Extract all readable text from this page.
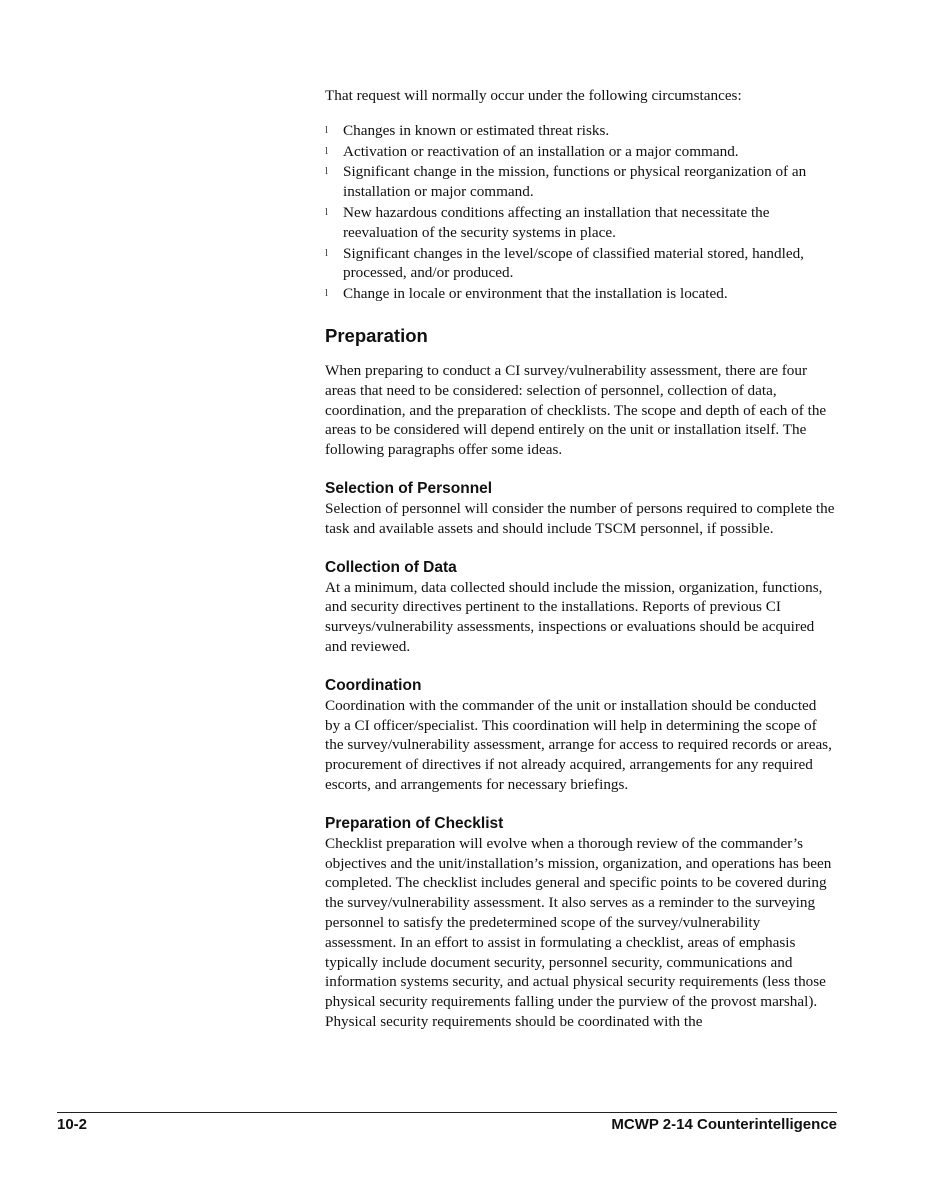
That request will normally occur under the following circumstances:

l Changes in known or estimated threat risks.
l Activation or reactivation of an installation or a major command.
l Significant change in the mission, functions or physical reorganization of an installation or major command.
l New hazardous conditions affecting an installation that necessitate the reevaluation of the security systems in place.
l Significant changes in the level/scope of classified material stored, handled, processed, and/or produced.
l Change in locale or environment that the installation is located.
Preparation

When preparing to conduct a CI survey/vulnerability assessment, there are four areas that need to be considered: selection of personnel, collection of data, coordination, and the preparation of checklists. The scope and depth of each of the areas to be considered will depend entirely on the unit or installation itself. The following paragraphs offer some ideas.

Selection of Personnel

Selection of personnel will consider the number of persons required to complete the task and available assets and should include TSCM personnel, if possible.

Collection of Data

At a minimum, data collected should include the mission, organization, functions, and security directives pertinent to the installations. Reports of previous CI surveys/vulnerability assessments, inspections or evaluations should be acquired and reviewed.

Coordination

Coordination with the commander of the unit or installation should be conducted by a CI officer/specialist. This coordination will help in determining the scope of the survey/vulnerability assessment, arrange for access to required records or areas, procurement of directives if not already acquired, arrangements for any required escorts, and arrangements for necessary briefings.

Preparation of Checklist

Checklist preparation will evolve when a thorough review of the commander’s objectives and the unit/installation’s mission, organization, and operations has been completed. The checklist includes general and specific points to be covered during the survey/vulnerability assessment. It also serves as a reminder to the surveying personnel to satisfy the predetermined scope of the survey/vulnerability assessment. In an effort to assist in formulating a checklist, areas of emphasis typically include document security, personnel security, communications and information systems security, and actual physical security requirements (less those physical security requirements falling under the purview of the provost marshal). Physical security requirements should be coordinated with the

10-2	MCWP 2-14 Counterintelligence
